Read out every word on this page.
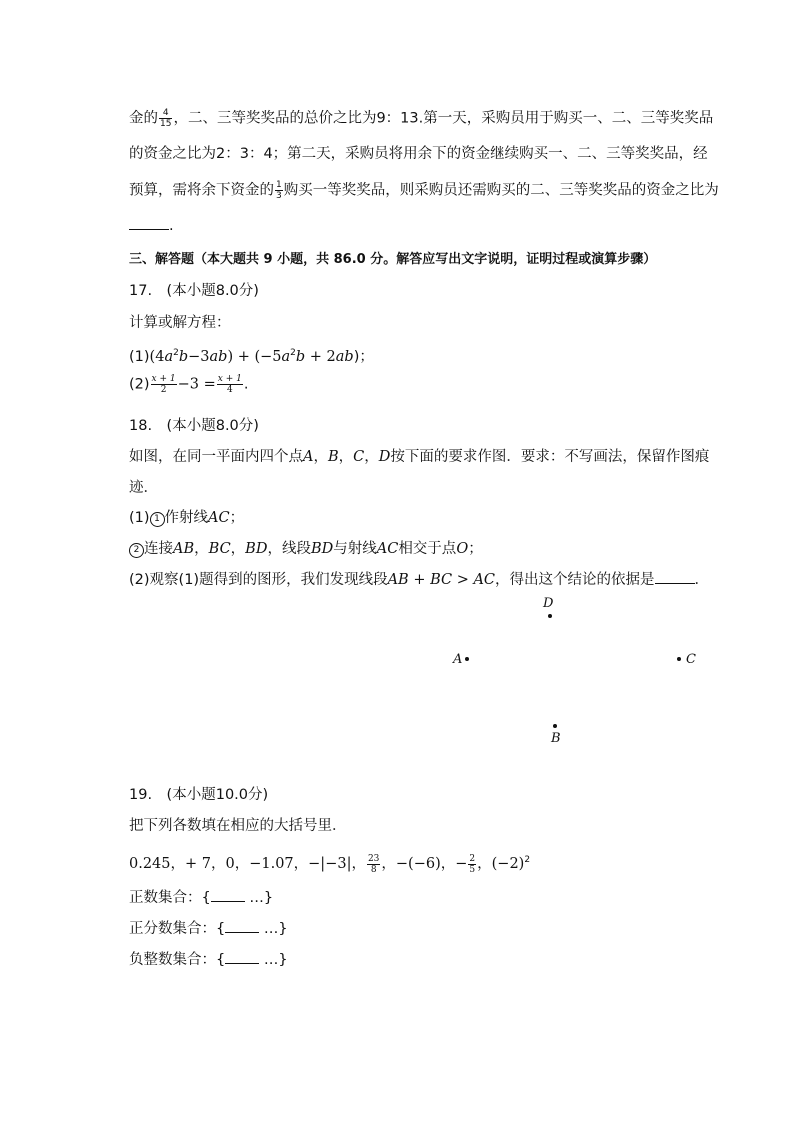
金的 $\frac{4}{15}$ ，二、三等奖奖品的总价之比为9：13.第一天，采购员用于购买一、二、三等奖奖品
的资金之比为2：3：4；第二天，采购员将用余下的资金继续购买一、二、三等奖奖品，经
预算，需将余下资金的 $\frac{1}{3}$ 购买一等奖奖品，则采购员还需购买的二、三等奖奖品的资金之比为
.
三、解答题（本大题共 9 小题，共 86.0 分。解答应写出文字说明，证明过程或演算步骤）
17.　(本小题8.0分)
计算或解方程：
$(1)(4a^2b-3ab) + (-5a^2b + 2ab)$；
$(2) \frac{x + 1}{2} -3 = \frac{x + 1}{4}$ .
18.　(本小题8.0分)
如图，在同一平面内四个点A，B，C，D按下面的要求作图．要求：不写画法，保留作图痕
迹．
(1) 1 作射线AC；
2 连接AB，BC，BD，线段BD与射线AC相交于点O；
(2)观察(1)题得到的图形，我们发现线段AB + BC > AC，得出这个结论的依据是	．
D
A	C
B
19.　(本小题10.0分)
把下列各数填在相应的大括号里．
0.245，+ 7，0，−1.07，−|−3|， $\frac{23}{8}$ ，−(−6)，− $\frac{2}{5}$ ，$(-2)^2$
正数集合：{ …}
正分数集合：{ …}
负整数集合：{ …}
